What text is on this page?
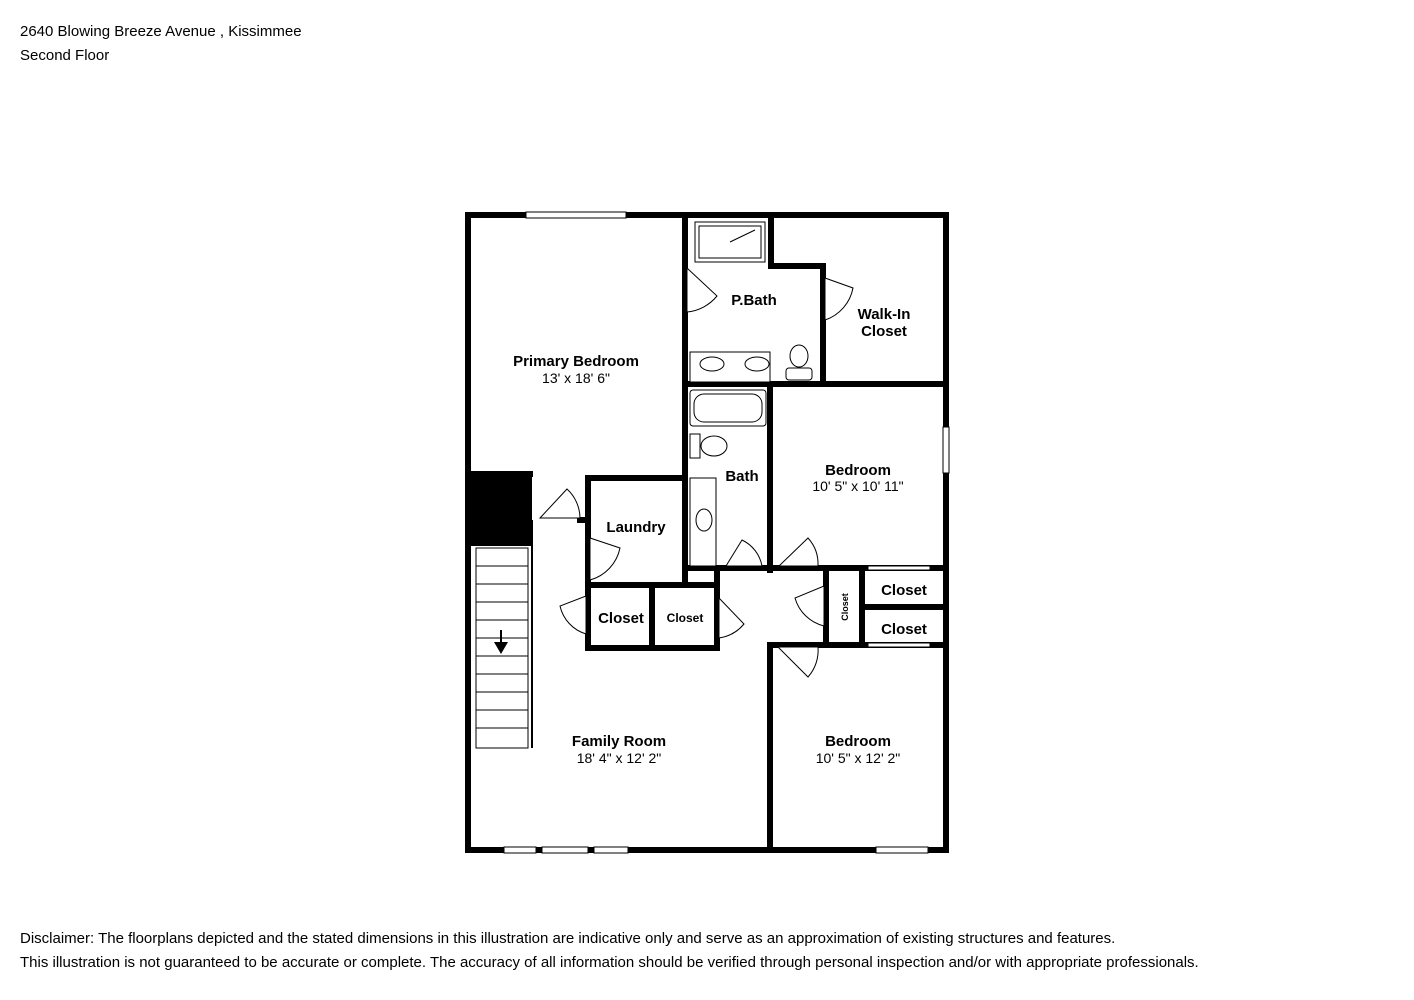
2640 Blowing Breeze Avenue , Kissimmee
Second Floor
Primary Bedroom
13' x 18' 6"
P.Bath
Walk-In
Closet
Bath	Bedroom
10' 5" x 10' 11"
Laundry
Closet Closet	Closet
Closet
Closet
Family Room
18' 4" x 12' 2"
Bedroom
10' 5" x 12' 2"
Disclaimer: The floorplans depicted and the stated dimensions in this illustration are indicative only and serve as an approximation of existing structures and features.
This illustration is not guaranteed to be accurate or complete. The accuracy of all information should be verified through personal inspection and/or with appropriate professionals.
